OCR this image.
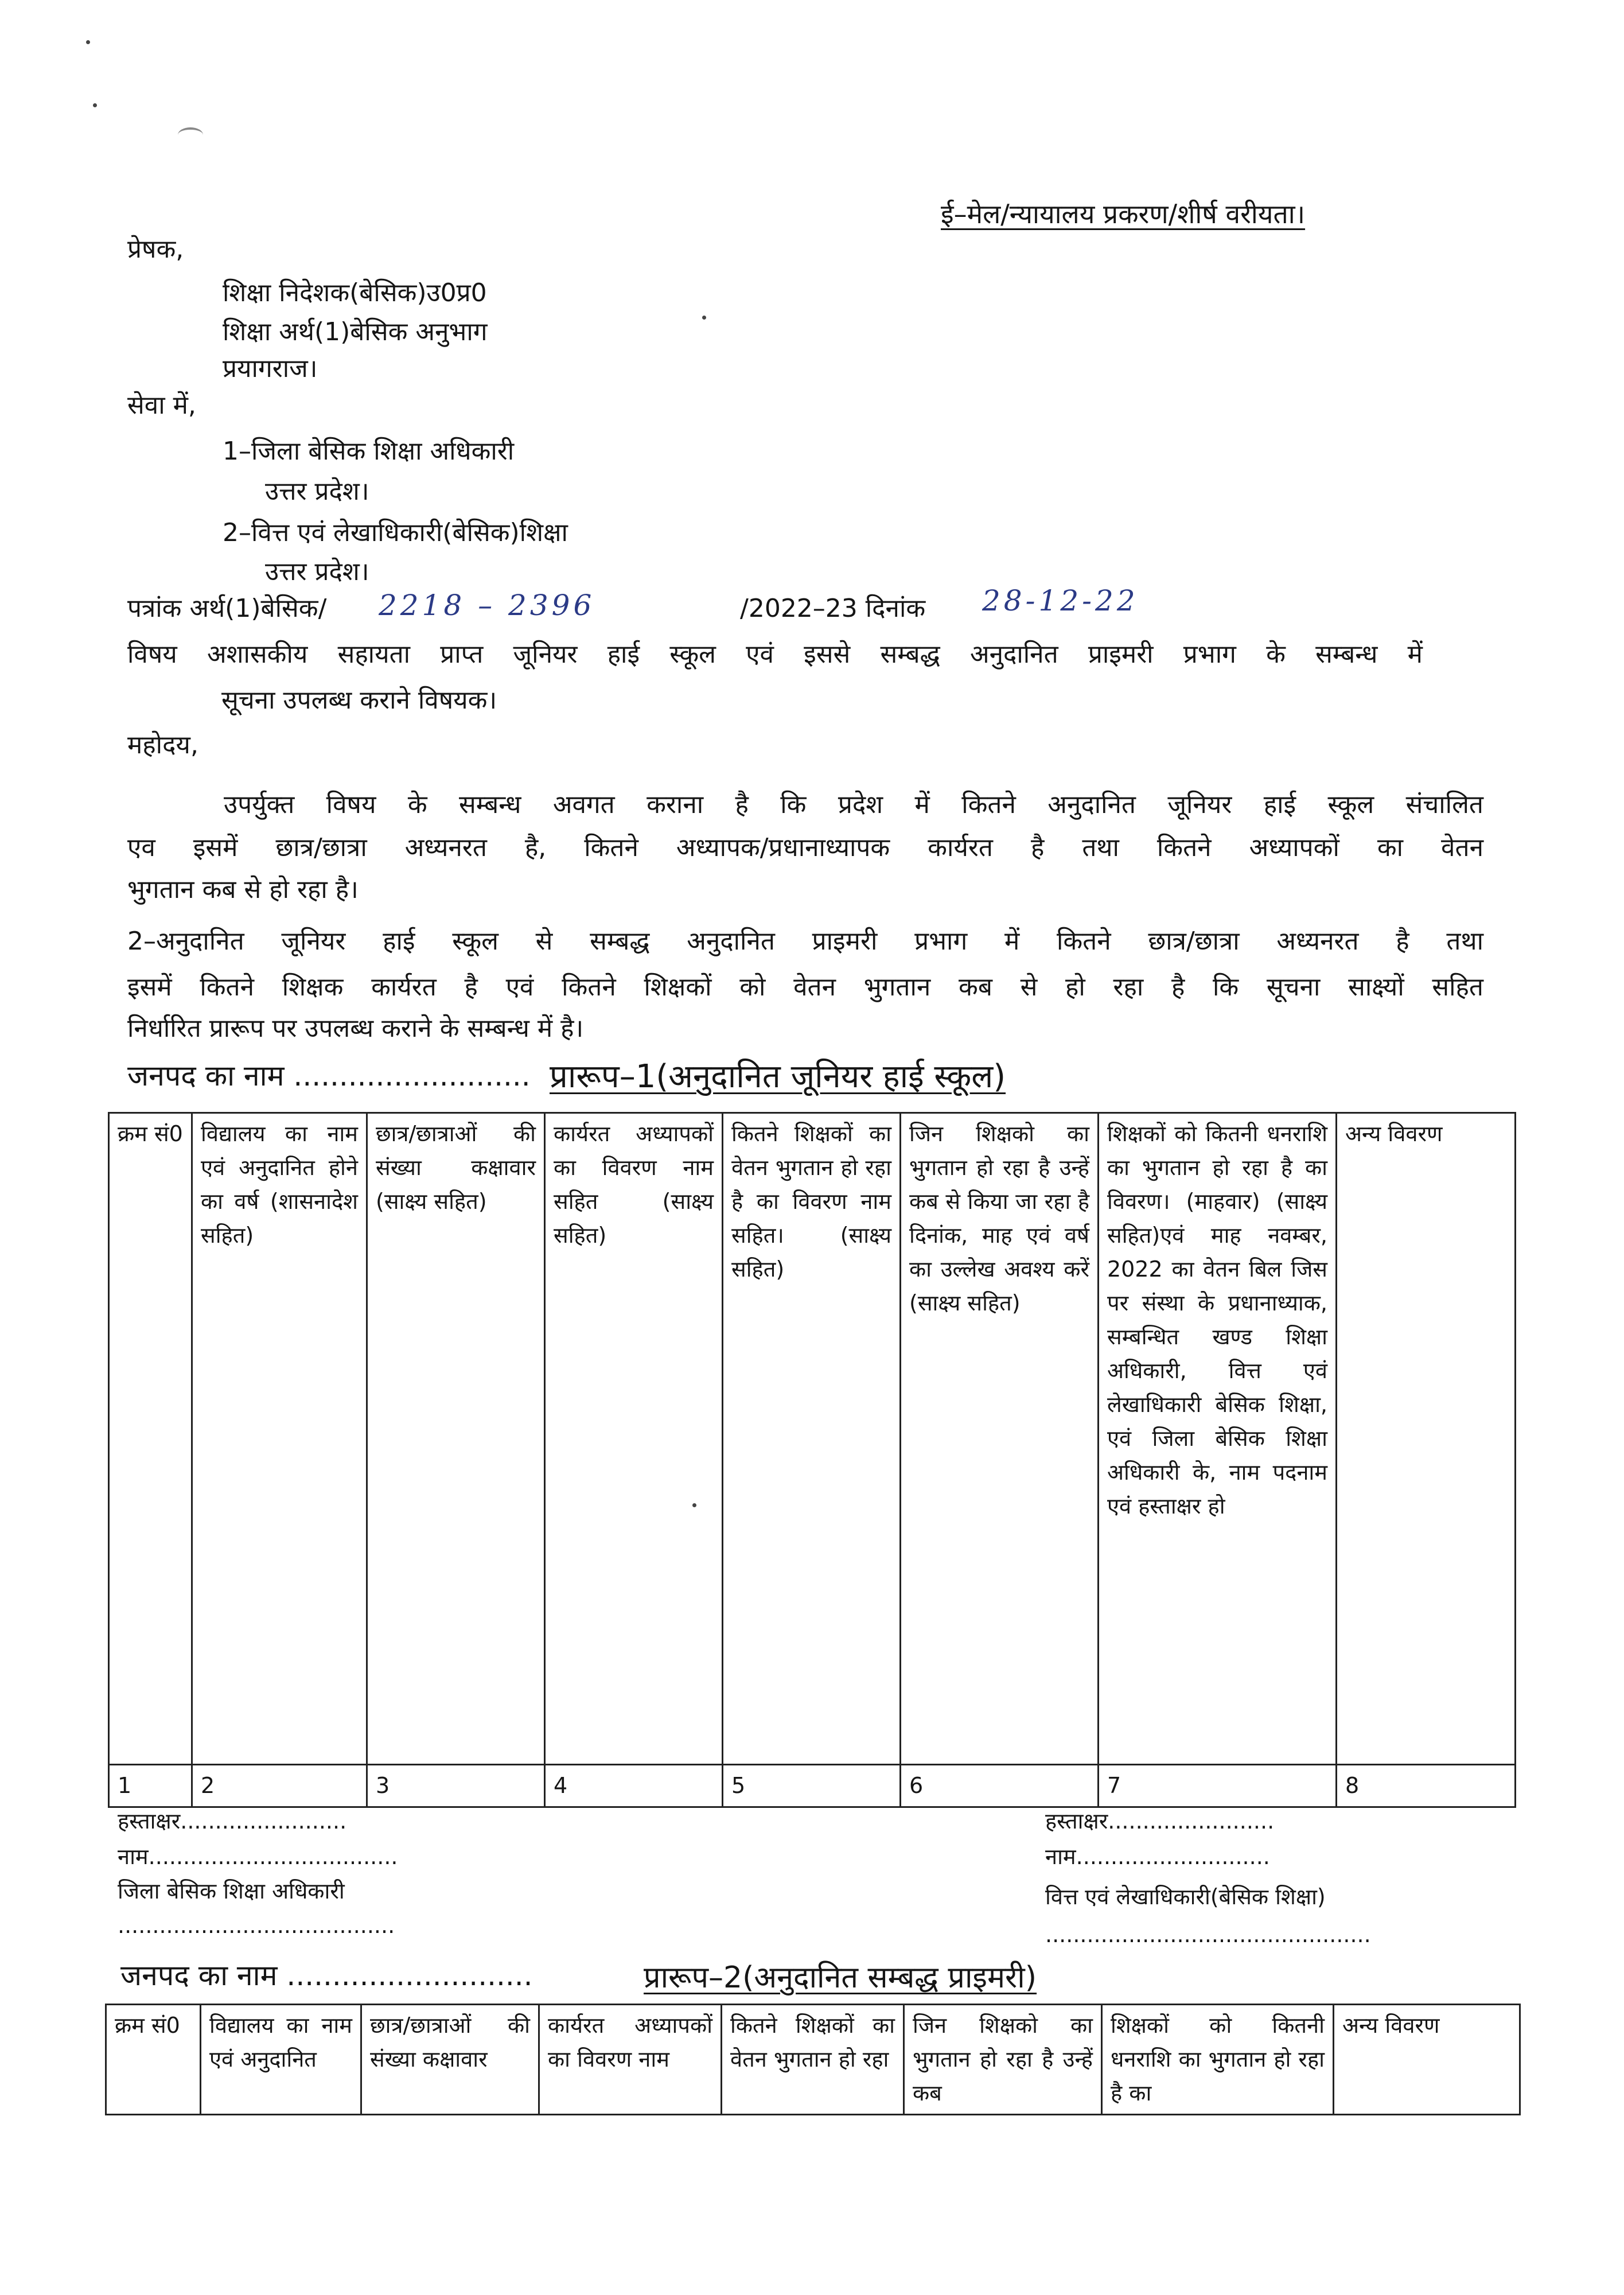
ई–मेल/न्यायालय प्रकरण/शीर्ष वरीयता।
प्रेषक,
शिक्षा निदेशक(बेसिक)उ0प्र0
शिक्षा अर्थ(1)बेसिक अनुभाग
प्रयागराज।
सेवा में,
1–जिला बेसिक शिक्षा अधिकारी
उत्तर प्रदेश।
2–वित्त एवं लेखाधिकारी(बेसिक)शिक्षा
उत्तर प्रदेश।
पत्रांक अर्थ(1)बेसिक/ 2218 – 2396	/2022–23 दिनांक 28-12-22
विषय अशासकीय सहायता प्राप्त जूनियर हाई स्कूल एवं इससे सम्बद्ध अनुदानित प्राइमरी प्रभाग के सम्बन्ध में
सूचना उपलब्ध कराने विषयक।
महोदय,
उपर्युक्त विषय के सम्बन्ध अवगत कराना है कि प्रदेश में कितने अनुदानित जूनियर हाई स्कूल संचालित
एव इसमें छात्र/छात्रा अध्यनरत है, कितने अध्यापक/प्रधानाध्यापक कार्यरत है तथा कितने अध्यापकों का वेतन
भुगतान कब से हो रहा है।
2–अनुदानित जूनियर हाई स्कूल से सम्बद्ध अनुदानित प्राइमरी प्रभाग में कितने छात्र/छात्रा अध्यनरत है तथा
इसमें कितने शिक्षक कार्यरत है एवं कितने शिक्षकों को वेतन भुगतान कब से हो रहा है कि सूचना साक्ष्यों सहित
निर्धारित प्रारूप पर उपलब्ध कराने के सम्बन्ध में है।
जनपद का नाम .......................... प्रारूप–1(अनुदानित जूनियर हाई स्कूल)
क्रम सं0	विद्यालय का नाम एवं अनुदानित होने का वर्ष (शासनादेश सहित)	छात्र/छात्राओं की संख्या कक्षावार (साक्ष्य सहित)	कार्यरत अध्यापकों का विवरण नाम सहित (साक्ष्य सहित)	कितने शिक्षकों का वेतन भुगतान हो रहा है का विवरण नाम सहित। (साक्ष्य सहित)	जिन शिक्षको का भुगतान हो रहा है उन्हें कब से किया जा रहा है दिनांक, माह एवं वर्ष का उल्लेख अवश्य करें (साक्ष्य सहित)	शिक्षकों को कितनी धनराशि का भुगतान हो रहा है का विवरण। (माहवार) (साक्ष्य सहित)एवं माह नवम्बर, 2022 का वेतन बिल जिस पर संस्था के प्रधानाध्याक, सम्बन्धित खण्ड शिक्षा अधिकारी, वित्त एवं लेखाधिकारी बेसिक शिक्षा, एवं जिला बेसिक शिक्षा अधिकारी के, नाम पदनाम एवं हस्ताक्षर हो	अन्य विवरण
1	2	3	4	5	6	7	8
हस्ताक्षर........................
नाम....................................
जिला बेसिक शिक्षा अधिकारी
........................................
हस्ताक्षर........................
नाम............................
वित्त एवं लेखाधिकारी(बेसिक शिक्षा)
...............................................
जनपद का नाम ...........................	प्रारूप–2(अनुदानित सम्बद्ध प्राइमरी)
क्रम सं0	विद्यालय का नाम एवं अनुदानित	छात्र/छात्राओं की संख्या कक्षावार	कार्यरत अध्यापकों का विवरण नाम	कितने शिक्षकों का वेतन भुगतान हो रहा	जिन शिक्षको का भुगतान हो रहा है उन्हें कब	शिक्षकों को कितनी धनराशि का भुगतान हो रहा है का	अन्य विवरण
